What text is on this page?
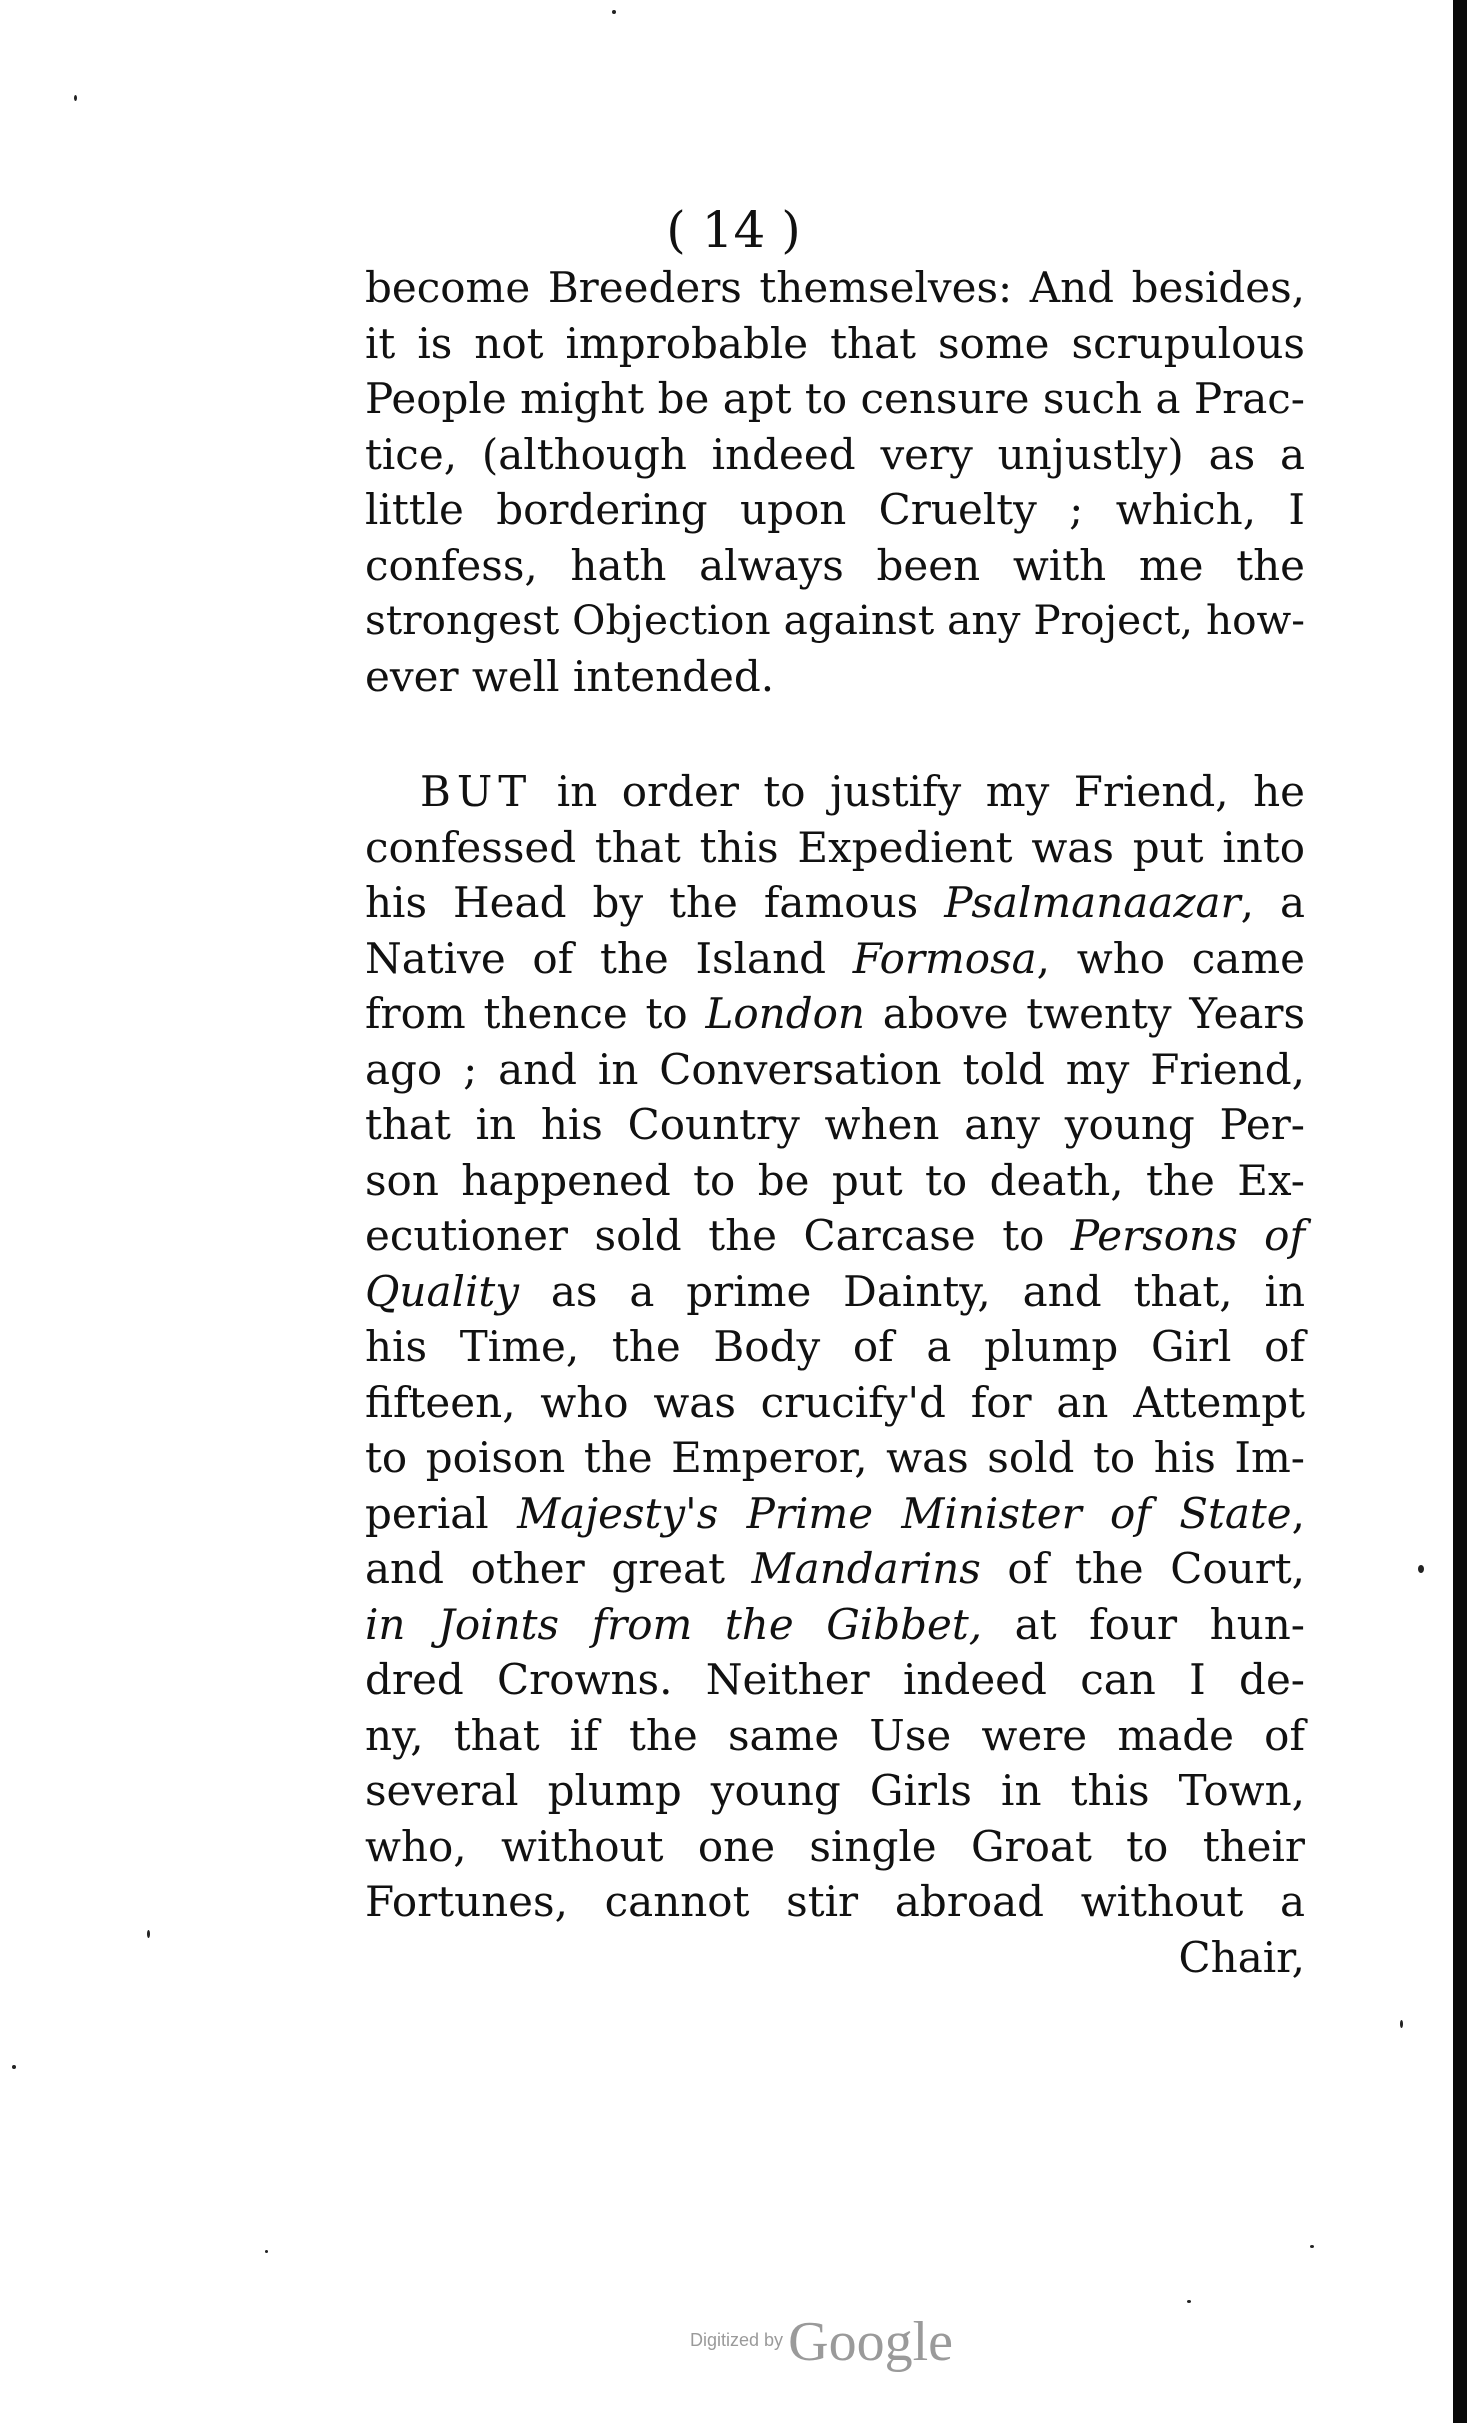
( 14 )
become Breeders themselves: And besides,
it is not improbable that some scrupulous
People might be apt to censure such a Prac-
tice, (although indeed very unjustly) as a
little bordering upon Cruelty ; which, I
confess, hath always been with me the
strongest Objection against any Project, how-
ever well intended.
BUT in order to justify my Friend, he
confessed that this Expedient was put into
his Head by the famous Psalmanaazar, a
Native of the Island Formosa, who came
from thence to London above twenty Years
ago ; and in Conversation told my Friend,
that in his Country when any young Per-
son happened to be put to death, the Ex-
ecutioner sold the Carcase to Persons of
Quality as a prime Dainty, and that, in
his Time, the Body of a plump Girl of
fifteen, who was crucify'd for an Attempt
to poison the Emperor, was sold to his Im-
perial Majesty's Prime Minister of State,
and other great Mandarins of the Court,
in Joints from the Gibbet, at four hun-
dred Crowns. Neither indeed can I de-
ny, that if the same Use were made of
several plump young Girls in this Town,
who, without one single Groat to their
Fortunes, cannot stir abroad without a
Chair,
Digitized by Google
